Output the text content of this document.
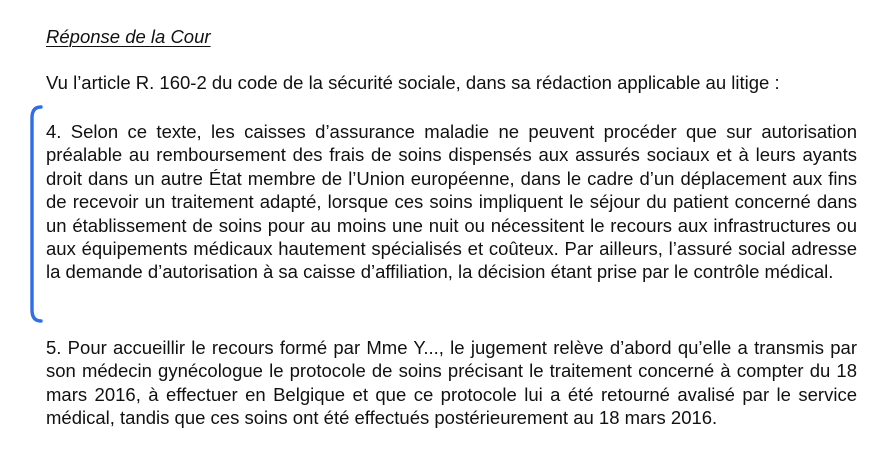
Réponse de la Cour
Vu l’article R. 160-2 du code de la sécurité sociale, dans sa rédaction applicable au litige :
4. Selon ce texte, les caisses d’assurance maladie ne peuvent procéder que sur autorisation préalable au remboursement des frais de soins dispensés aux assurés sociaux et à leurs ayants droit dans un autre État membre de l’Union européenne, dans le cadre d’un déplacement aux fins de recevoir un traitement adapté, lorsque ces soins impliquent le séjour du patient concerné dans un établissement de soins pour au moins une nuit ou nécessitent le recours aux infrastructures ou aux équipements médicaux hautement spécialisés et coûteux. Par ailleurs, l’assuré social adresse la demande d’autorisation à sa caisse d’affiliation, la décision étant prise par le contrôle médical.
5. Pour accueillir le recours formé par Mme Y..., le jugement relève d’abord qu’elle a transmis par son médecin gynécologue le protocole de soins précisant le traitement concerné à compter du 18 mars 2016, à effectuer en Belgique et que ce protocole lui a été retourné avalisé par le service médical, tandis que ces soins ont été effectués postérieurement au 18 mars 2016.
